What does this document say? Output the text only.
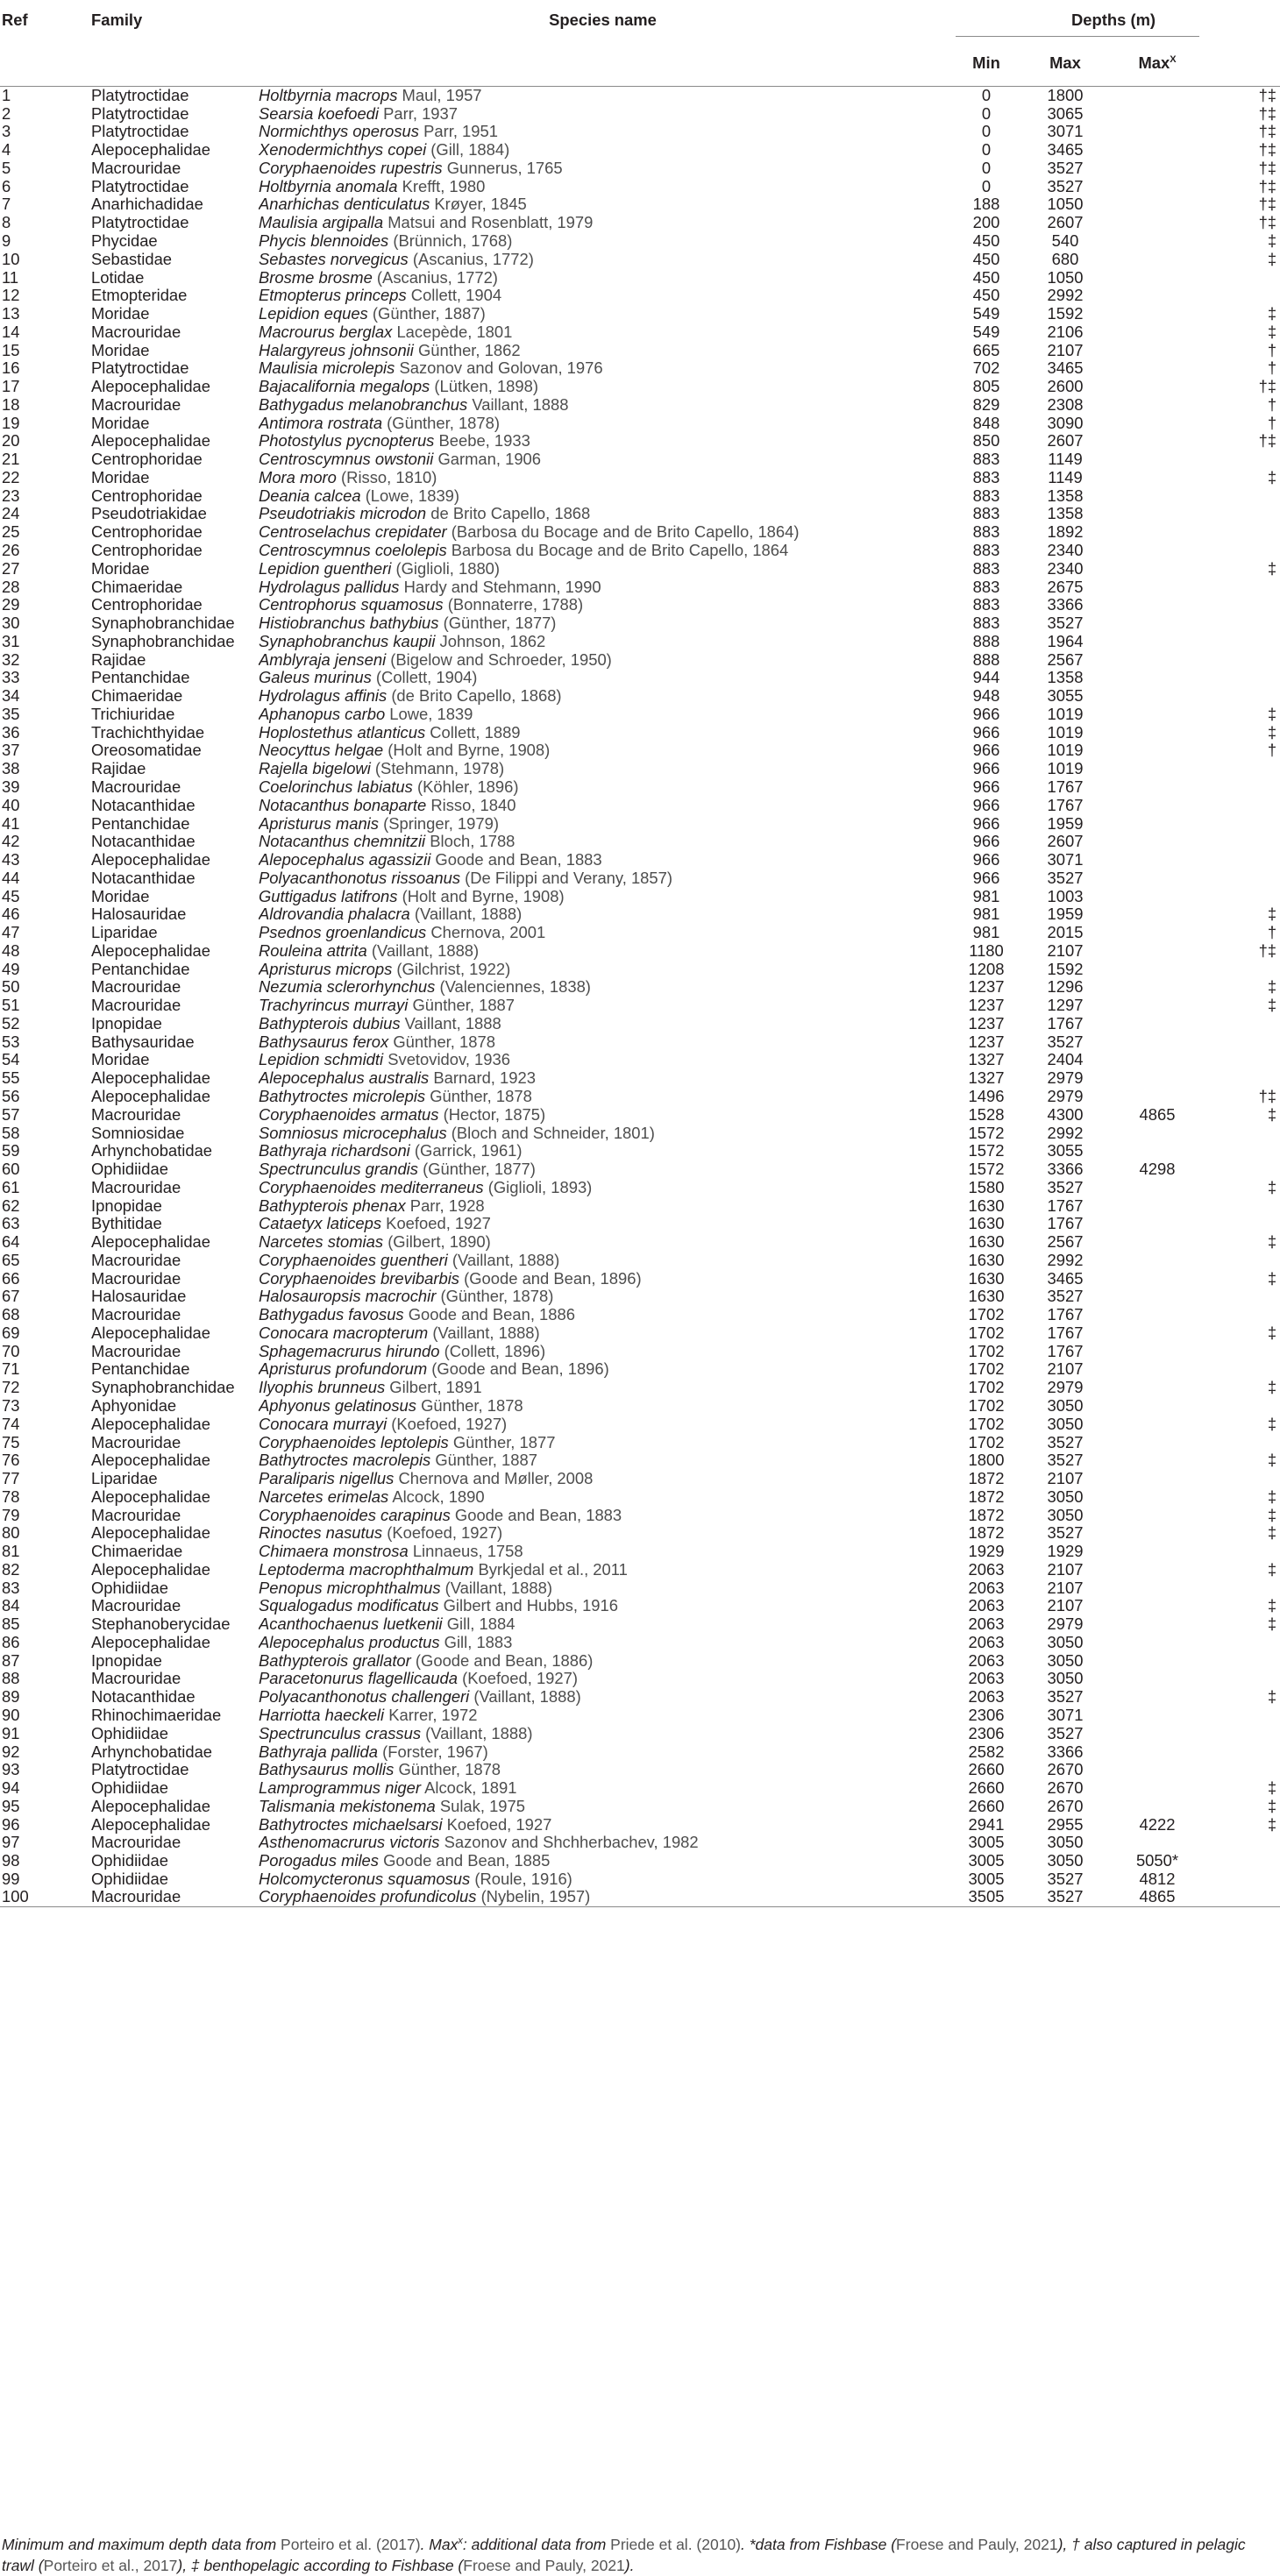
Ref	Family	Species name	Depths (m)			
			Min	Max	Max$^X$	
1	Platytroctidae	Holtbyrnia macrops Maul, 1957	0	1800		†‡
2	Platytroctidae	Searsia koefoedi Parr, 1937	0	3065		†‡
3	Platytroctidae	Normichthys operosus Parr, 1951	0	3071		†‡
4	Alepocephalidae	Xenodermichthys copei (Gill, 1884)	0	3465		†‡
5	Macrouridae	Coryphaenoides rupestris Gunnerus, 1765	0	3527		†‡
6	Platytroctidae	Holtbyrnia anomala Krefft, 1980	0	3527		†‡
7	Anarhichadidae	Anarhichas denticulatus Krøyer, 1845	188	1050		†‡
8	Platytroctidae	Maulisia argipalla Matsui and Rosenblatt, 1979	200	2607		†‡
9	Phycidae	Phycis blennoides (Brünnich, 1768)	450	540		‡
10	Sebastidae	Sebastes norvegicus (Ascanius, 1772)	450	680		‡
11	Lotidae	Brosme brosme (Ascanius, 1772)	450	1050		
12	Etmopteridae	Etmopterus princeps Collett, 1904	450	2992		
13	Moridae	Lepidion eques (Günther, 1887)	549	1592		‡
14	Macrouridae	Macrourus berglax Lacepède, 1801	549	2106		‡
15	Moridae	Halargyreus johnsonii Günther, 1862	665	2107		†
16	Platytroctidae	Maulisia microlepis Sazonov and Golovan, 1976	702	3465		†
17	Alepocephalidae	Bajacalifornia megalops (Lütken, 1898)	805	2600		†‡
18	Macrouridae	Bathygadus melanobranchus Vaillant, 1888	829	2308		†
19	Moridae	Antimora rostrata (Günther, 1878)	848	3090		†
20	Alepocephalidae	Photostylus pycnopterus Beebe, 1933	850	2607		†‡
21	Centrophoridae	Centroscymnus owstonii Garman, 1906	883	1149		
22	Moridae	Mora moro (Risso, 1810)	883	1149		‡
23	Centrophoridae	Deania calcea (Lowe, 1839)	883	1358		
24	Pseudotriakidae	Pseudotriakis microdon de Brito Capello, 1868	883	1358		
25	Centrophoridae	Centroselachus crepidater (Barbosa du Bocage and de Brito Capello, 1864)	883	1892		
26	Centrophoridae	Centroscymnus coelolepis Barbosa du Bocage and de Brito Capello, 1864	883	2340		
27	Moridae	Lepidion guentheri (Giglioli, 1880)	883	2340		‡
28	Chimaeridae	Hydrolagus pallidus Hardy and Stehmann, 1990	883	2675		
29	Centrophoridae	Centrophorus squamosus (Bonnaterre, 1788)	883	3366		
30	Synaphobranchidae	Histiobranchus bathybius (Günther, 1877)	883	3527		
31	Synaphobranchidae	Synaphobranchus kaupii Johnson, 1862	888	1964		
32	Rajidae	Amblyraja jenseni (Bigelow and Schroeder, 1950)	888	2567		
33	Pentanchidae	Galeus murinus (Collett, 1904)	944	1358		
34	Chimaeridae	Hydrolagus affinis (de Brito Capello, 1868)	948	3055		
35	Trichiuridae	Aphanopus carbo Lowe, 1839	966	1019		‡
36	Trachichthyidae	Hoplostethus atlanticus Collett, 1889	966	1019		‡
37	Oreosomatidae	Neocyttus helgae (Holt and Byrne, 1908)	966	1019		†
38	Rajidae	Rajella bigelowi (Stehmann, 1978)	966	1019		
39	Macrouridae	Coelorinchus labiatus (Köhler, 1896)	966	1767		
40	Notacanthidae	Notacanthus bonaparte Risso, 1840	966	1767		
41	Pentanchidae	Apristurus manis (Springer, 1979)	966	1959		
42	Notacanthidae	Notacanthus chemnitzii Bloch, 1788	966	2607		
43	Alepocephalidae	Alepocephalus agassizii Goode and Bean, 1883	966	3071		
44	Notacanthidae	Polyacanthonotus rissoanus (De Filippi and Verany, 1857)	966	3527		
45	Moridae	Guttigadus latifrons (Holt and Byrne, 1908)	981	1003		
46	Halosauridae	Aldrovandia phalacra (Vaillant, 1888)	981	1959		‡
47	Liparidae	Psednos groenlandicus Chernova, 2001	981	2015		†
48	Alepocephalidae	Rouleina attrita (Vaillant, 1888)	1180	2107		†‡
49	Pentanchidae	Apristurus microps (Gilchrist, 1922)	1208	1592		
50	Macrouridae	Nezumia sclerorhynchus (Valenciennes, 1838)	1237	1296		‡
51	Macrouridae	Trachyrincus murrayi Günther, 1887	1237	1297		‡
52	Ipnopidae	Bathypterois dubius Vaillant, 1888	1237	1767		
53	Bathysauridae	Bathysaurus ferox Günther, 1878	1237	3527		
54	Moridae	Lepidion schmidti Svetovidov, 1936	1327	2404		
55	Alepocephalidae	Alepocephalus australis Barnard, 1923	1327	2979		
56	Alepocephalidae	Bathytroctes microlepis Günther, 1878	1496	2979		†‡
57	Macrouridae	Coryphaenoides armatus (Hector, 1875)	1528	4300	4865	‡
58	Somniosidae	Somniosus microcephalus (Bloch and Schneider, 1801)	1572	2992		
59	Arhynchobatidae	Bathyraja richardsoni (Garrick, 1961)	1572	3055		
60	Ophidiidae	Spectrunculus grandis (Günther, 1877)	1572	3366	4298	
61	Macrouridae	Coryphaenoides mediterraneus (Giglioli, 1893)	1580	3527		‡
62	Ipnopidae	Bathypterois phenax Parr, 1928	1630	1767		
63	Bythitidae	Cataetyx laticeps Koefoed, 1927	1630	1767		
64	Alepocephalidae	Narcetes stomias (Gilbert, 1890)	1630	2567		‡
65	Macrouridae	Coryphaenoides guentheri (Vaillant, 1888)	1630	2992		
66	Macrouridae	Coryphaenoides brevibarbis (Goode and Bean, 1896)	1630	3465		‡
67	Halosauridae	Halosauropsis macrochir (Günther, 1878)	1630	3527		
68	Macrouridae	Bathygadus favosus Goode and Bean, 1886	1702	1767		
69	Alepocephalidae	Conocara macropterum (Vaillant, 1888)	1702	1767		‡
70	Macrouridae	Sphagemacrurus hirundo (Collett, 1896)	1702	1767		
71	Pentanchidae	Apristurus profundorum (Goode and Bean, 1896)	1702	2107		
72	Synaphobranchidae	Ilyophis brunneus Gilbert, 1891	1702	2979		‡
73	Aphyonidae	Aphyonus gelatinosus Günther, 1878	1702	3050		
74	Alepocephalidae	Conocara murrayi (Koefoed, 1927)	1702	3050		‡
75	Macrouridae	Coryphaenoides leptolepis Günther, 1877	1702	3527		
76	Alepocephalidae	Bathytroctes macrolepis Günther, 1887	1800	3527		‡
77	Liparidae	Paraliparis nigellus Chernova and Møller, 2008	1872	2107		
78	Alepocephalidae	Narcetes erimelas Alcock, 1890	1872	3050		‡
79	Macrouridae	Coryphaenoides carapinus Goode and Bean, 1883	1872	3050		‡
80	Alepocephalidae	Rinoctes nasutus (Koefoed, 1927)	1872	3527		‡
81	Chimaeridae	Chimaera monstrosa Linnaeus, 1758	1929	1929		
82	Alepocephalidae	Leptoderma macrophthalmum Byrkjedal et al., 2011	2063	2107		‡
83	Ophidiidae	Penopus microphthalmus (Vaillant, 1888)	2063	2107		
84	Macrouridae	Squalogadus modificatus Gilbert and Hubbs, 1916	2063	2107		‡
85	Stephanoberycidae	Acanthochaenus luetkenii Gill, 1884	2063	2979		‡
86	Alepocephalidae	Alepocephalus productus Gill, 1883	2063	3050		
87	Ipnopidae	Bathypterois grallator (Goode and Bean, 1886)	2063	3050		
88	Macrouridae	Paracetonurus flagellicauda (Koefoed, 1927)	2063	3050		
89	Notacanthidae	Polyacanthonotus challengeri (Vaillant, 1888)	2063	3527		‡
90	Rhinochimaeridae	Harriotta haeckeli Karrer, 1972	2306	3071		
91	Ophidiidae	Spectrunculus crassus (Vaillant, 1888)	2306	3527		
92	Arhynchobatidae	Bathyraja pallida (Forster, 1967)	2582	3366		
93	Platytroctidae	Bathysaurus mollis Günther, 1878	2660	2670		
94	Ophidiidae	Lamprogrammus niger Alcock, 1891	2660	2670		‡
95	Alepocephalidae	Talismania mekistonema Sulak, 1975	2660	2670		‡
96	Alepocephalidae	Bathytroctes michaelsarsi Koefoed, 1927	2941	2955	4222	‡
97	Macrouridae	Asthenomacrurus victoris Sazonov and Shchherbachev, 1982	3005	3050		
98	Ophidiidae	Porogadus miles Goode and Bean, 1885	3005	3050	5050*	
99	Ophidiidae	Holcomycteronus squamosus (Roule, 1916)	3005	3527	4812	
100	Macrouridae	Coryphaenoides profundicolus (Nybelin, 1957)	3505	3527	4865	
Minimum and maximum depth data from Porteiro et al. (2017). Max$^x$: additional data from Priede et al. (2010). *data from Fishbase (Froese and Pauly, 2021), † also captured in pelagic trawl (Porteiro et al., 2017), ‡ benthopelagic according to Fishbase (Froese and Pauly, 2021).
